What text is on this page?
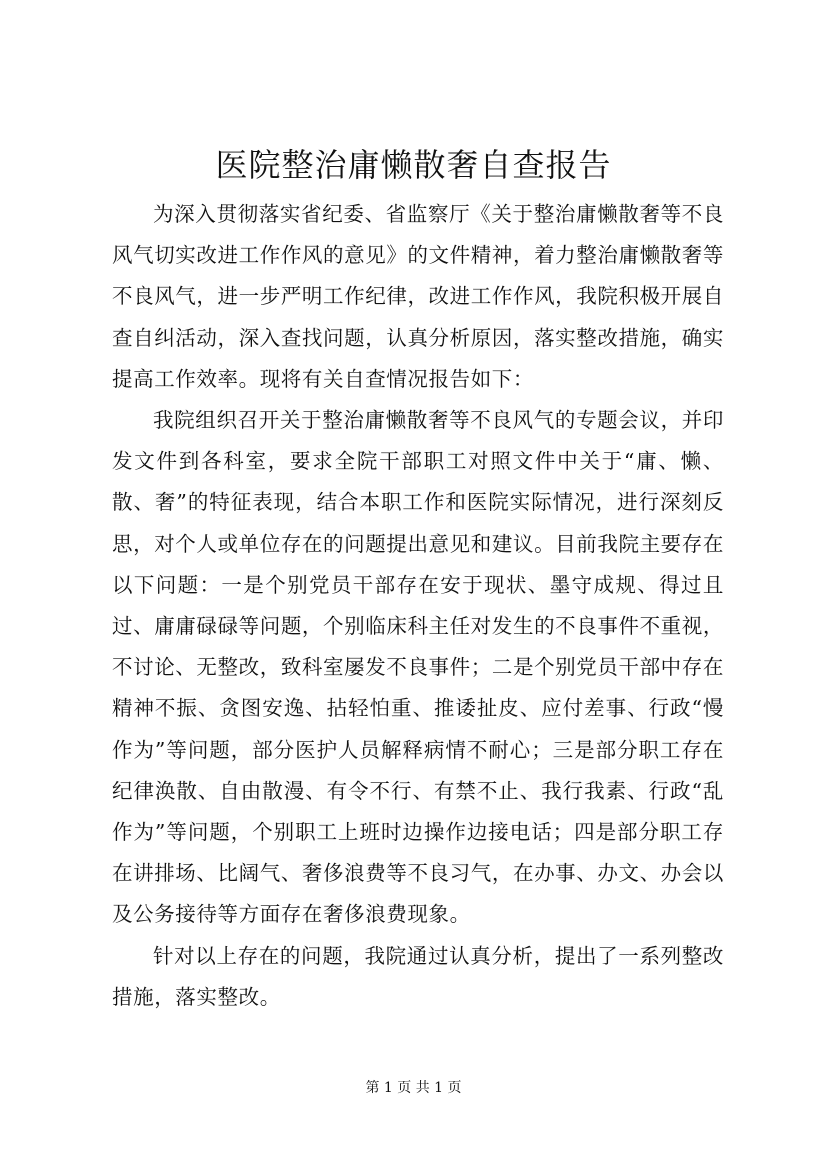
医院整治庸懒散奢自查报告

为深入贯彻落实省纪委、省监察厅《关于整治庸懒散奢等不良风气切实改进工作作风的意见》的文件精神，着力整治庸懒散奢等不良风气，进一步严明工作纪律，改进工作作风，我院积极开展自查自纠活动，深入查找问题，认真分析原因，落实整改措施，确实提高工作效率。现将有关自查情况报告如下：

我院组织召开关于整治庸懒散奢等不良风气的专题会议，并印发文件到各科室，要求全院干部职工对照文件中关于“庸、懒、散、奢”的特征表现，结合本职工作和医院实际情况，进行深刻反思，对个人或单位存在的问题提出意见和建议。目前我院主要存在以下问题：一是个别党员干部存在安于现状、墨守成规、得过且过、庸庸碌碌等问题，个别临床科主任对发生的不良事件不重视，不讨论、无整改，致科室屡发不良事件；二是个别党员干部中存在精神不振、贪图安逸、拈轻怕重、推诿扯皮、应付差事、行政“慢作为”等问题，部分医护人员解释病情不耐心；三是部分职工存在纪律涣散、自由散漫、有令不行、有禁不止、我行我素、行政“乱作为”等问题，个别职工上班时边操作边接电话；四是部分职工存在讲排场、比阔气、奢侈浪费等不良习气，在办事、办文、办会以及公务接待等方面存在奢侈浪费现象。

针对以上存在的问题，我院通过认真分析，提出了一系列整改措施，落实整改。

第 1 页 共 1 页
